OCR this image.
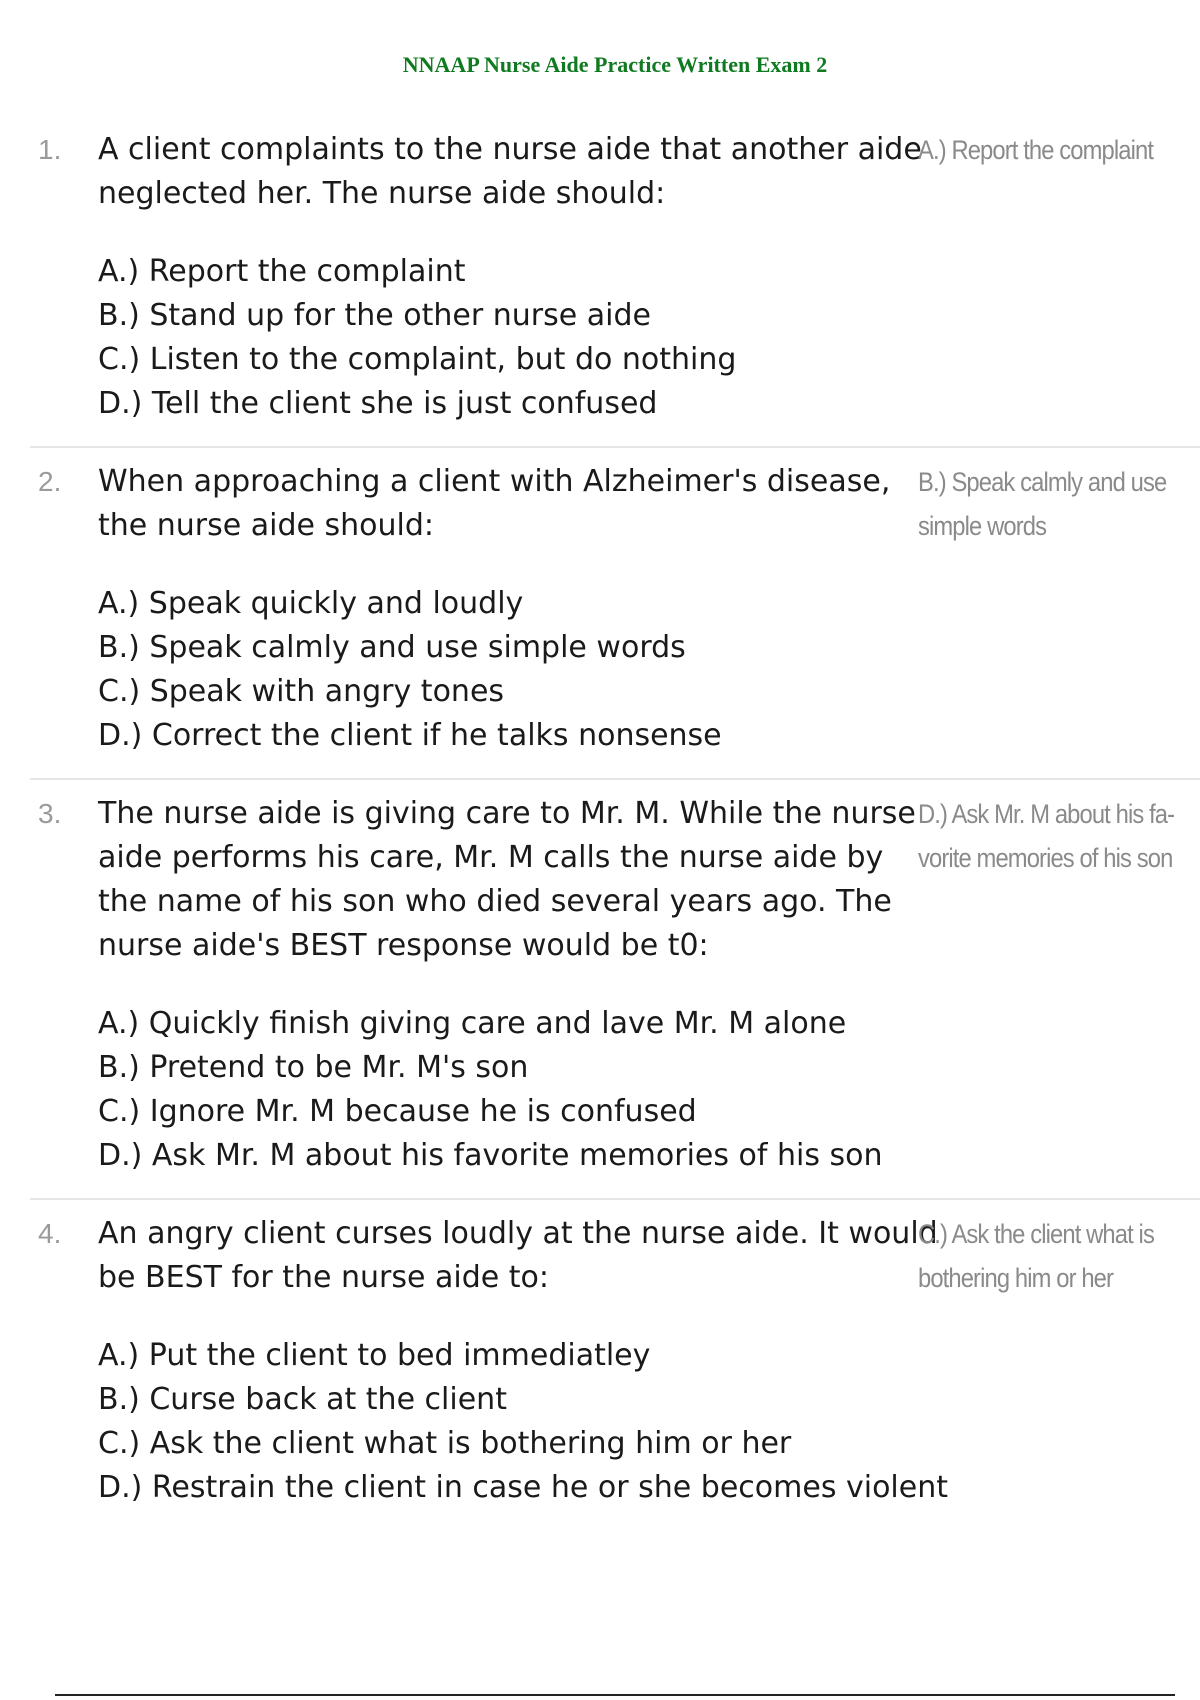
NNAAP Nurse Aide Practice Written Exam 2
1. A client complaints to the nurse aide that another aide neglected her. The nurse aide should:
A.) Report the complaint
A.) Report the complaint
B.) Stand up for the other nurse aide
C.) Listen to the complaint, but do nothing
D.) Tell the client she is just confused
2. When approaching a client with Alzheimer's disease, the nurse aide should:
B.) Speak calmly and use simple words
A.) Speak quickly and loudly
B.) Speak calmly and use simple words
C.) Speak with angry tones
D.) Correct the client if he talks nonsense
3. The nurse aide is giving care to Mr. M. While the nurse aide performs his care, Mr. M calls the nurse aide by the name of his son who died several years ago. The nurse aide's BEST response would be t0:
D.) Ask Mr. M about his fa-vorite memories of his son
A.) Quickly finish giving care and lave Mr. M alone
B.) Pretend to be Mr. M's son
C.) Ignore Mr. M because he is confused
D.) Ask Mr. M about his favorite memories of his son
4. An angry client curses loudly at the nurse aide. It would be BEST for the nurse aide to:
C.) Ask the client what is bothering him or her
A.) Put the client to bed immediatley
B.) Curse back at the client
C.) Ask the client what is bothering him or her
D.) Restrain the client in case he or she becomes violent
